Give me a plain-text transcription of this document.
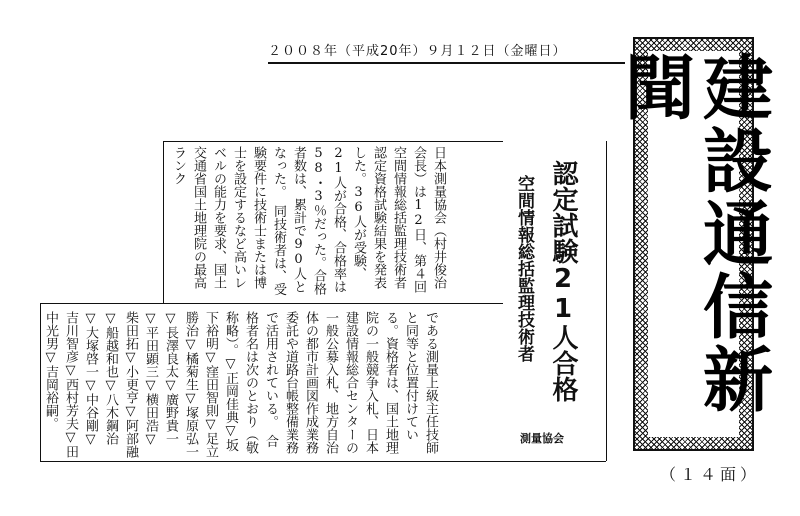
２００８年（平成20年）９月１２日（金曜日）	建設通信新聞
（１４面）
認定試験21人合格
空間情報総括監理技術者
測量協会
日本測量協会（村井俊治会長）は12日、第４回空間情報総括監理技術者認定資格試験結果を発表した。36人が受験、21人が合格、合格率は58・3％だった。合格者数は、累計で90人となった。　同技術者は、受験要件に技術士または博士を設定するなど高いレベルの能力を要求、国土交通省国土地理院の最高ランク
である測量上級主任技師と同等と位置付けている。資格者は、国土地理院の一般競争入札、日本建設情報総合センターの一般公募入札、地方自治体の都市計画図作成業務委託や道路台帳整備業務で活用されている。　合格者名は次のとおり（敬称略）。▽正岡佳典▽坂下裕明▽窪田智則▽足立勝治▽橘菊生▽塚原弘一▽長澤良太▽廣野貴一▽平田顕三▽横田浩▽柴田拓▽小更亨▽阿部融▽船越和也▽八木鋼治▽大塚啓一▽中谷剛▽吉川智彦▽西村芳夫▽田中光男▽吉岡裕嗣。
